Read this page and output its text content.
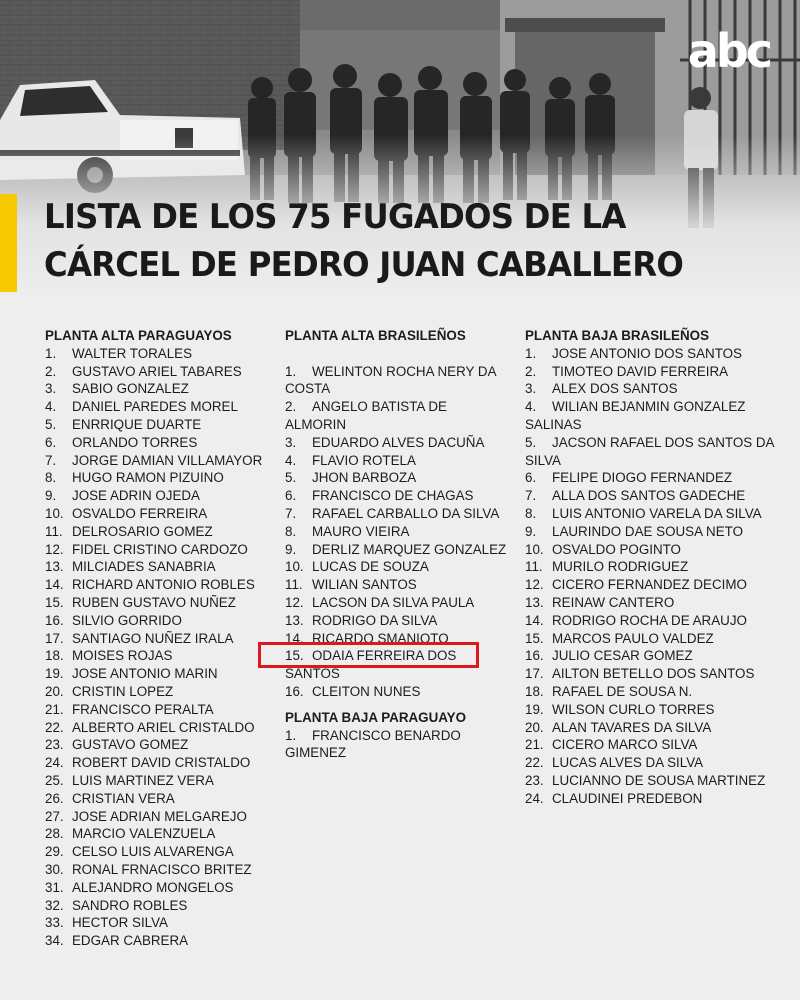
abc
LISTA DE LOS 75 FUGADOS DE LA
CÁRCEL DE PEDRO JUAN CABALLERO
PLANTA ALTA PARAGUAYOS
1.	WALTER TORALES
2.	GUSTAVO ARIEL TABARES
3.	SABIO GONZALEZ
4.	DANIEL PAREDES MOREL
5.	ENRRIQUE DUARTE
6.	ORLANDO TORRES
7.	JORGE DAMIAN VILLAMAYOR
8.	HUGO RAMON PIZUINO
9.	JOSE ADRIN OJEDA
10. OSVALDO FERREIRA
11. DELROSARIO GOMEZ
12. FIDEL CRISTINO CARDOZO
13. MILCIADES SANABRIA
14. RICHARD ANTONIO ROBLES
15. RUBEN GUSTAVO NUÑEZ
16. SILVIO GORRIDO
17. SANTIAGO NUÑEZ IRALA
18. MOISES ROJAS
19. JOSE ANTONIO MARIN
20. CRISTIN LOPEZ
21. FRANCISCO PERALTA
22. ALBERTO ARIEL CRISTALDO
23. GUSTAVO GOMEZ
24. ROBERT DAVID CRISTALDO
25. LUIS MARTINEZ VERA
26. CRISTIAN VERA
27. JOSE ADRIAN MELGAREJO
28. MARCIO VALENZUELA
29. CELSO LUIS ALVARENGA
30. RONAL FRNACISCO BRITEZ
31. ALEJANDRO MONGELOS
32. SANDRO ROBLES
33. HECTOR SILVA
34. EDGAR CABRERA
PLANTA ALTA BRASILEÑOS
1. WELINTON ROCHA NERY DA COSTA
2. ANGELO BATISTA DE ALMORIN
3. EDUARDO ALVES DACUÑA
4. FLAVIO ROTELA
5. JHON BARBOZA
6. FRANCISCO DE CHAGAS
7. RAFAEL CARBALLO DA SILVA
8. MAURO VIEIRA
9. DERLIZ MARQUEZ GONZALEZ
10. LUCAS DE SOUZA
11. WILIAN SANTOS
12. LACSON DA SILVA PAULA
13. RODRIGO DA SILVA
14. RICARDO SMANIOTO
15. ODAIA FERREIRA DOS SANTOS
16. CLEITON NUNES
PLANTA BAJA PARAGUAYO
1. FRANCISCO BENARDO GIMENEZ
PLANTA BAJA BRASILEÑOS
1. JOSE ANTONIO DOS SANTOS
2. TIMOTEO DAVID FERREIRA
3. ALEX DOS SANTOS
4. WILIAN BEJANMIN GONZALEZ SALINAS
5. JACSON RAFAEL DOS SANTOS DA SILVA
6. FELIPE DIOGO FERNANDEZ
7. ALLA DOS SANTOS GADECHE
8. LUIS ANTONIO VARELA DA SILVA
9. LAURINDO DAE SOUSA NETO
10. OSVALDO POGINTO
11. MURILO RODRIGUEZ
12. CICERO FERNANDEZ DECIMO
13. REINAW CANTERO
14. RODRIGO ROCHA DE ARAUJO
15. MARCOS PAULO VALDEZ
16. JULIO CESAR GOMEZ
17. AILTON BETELLO DOS SANTOS
18. RAFAEL DE SOUSA N.
19. WILSON CURLO TORRES
20. ALAN TAVARES DA SILVA
21. CICERO MARCO SILVA
22. LUCAS ALVES DA SILVA
23. LUCIANNO DE SOUSA MARTINEZ
24. CLAUDINEI PREDEBON
